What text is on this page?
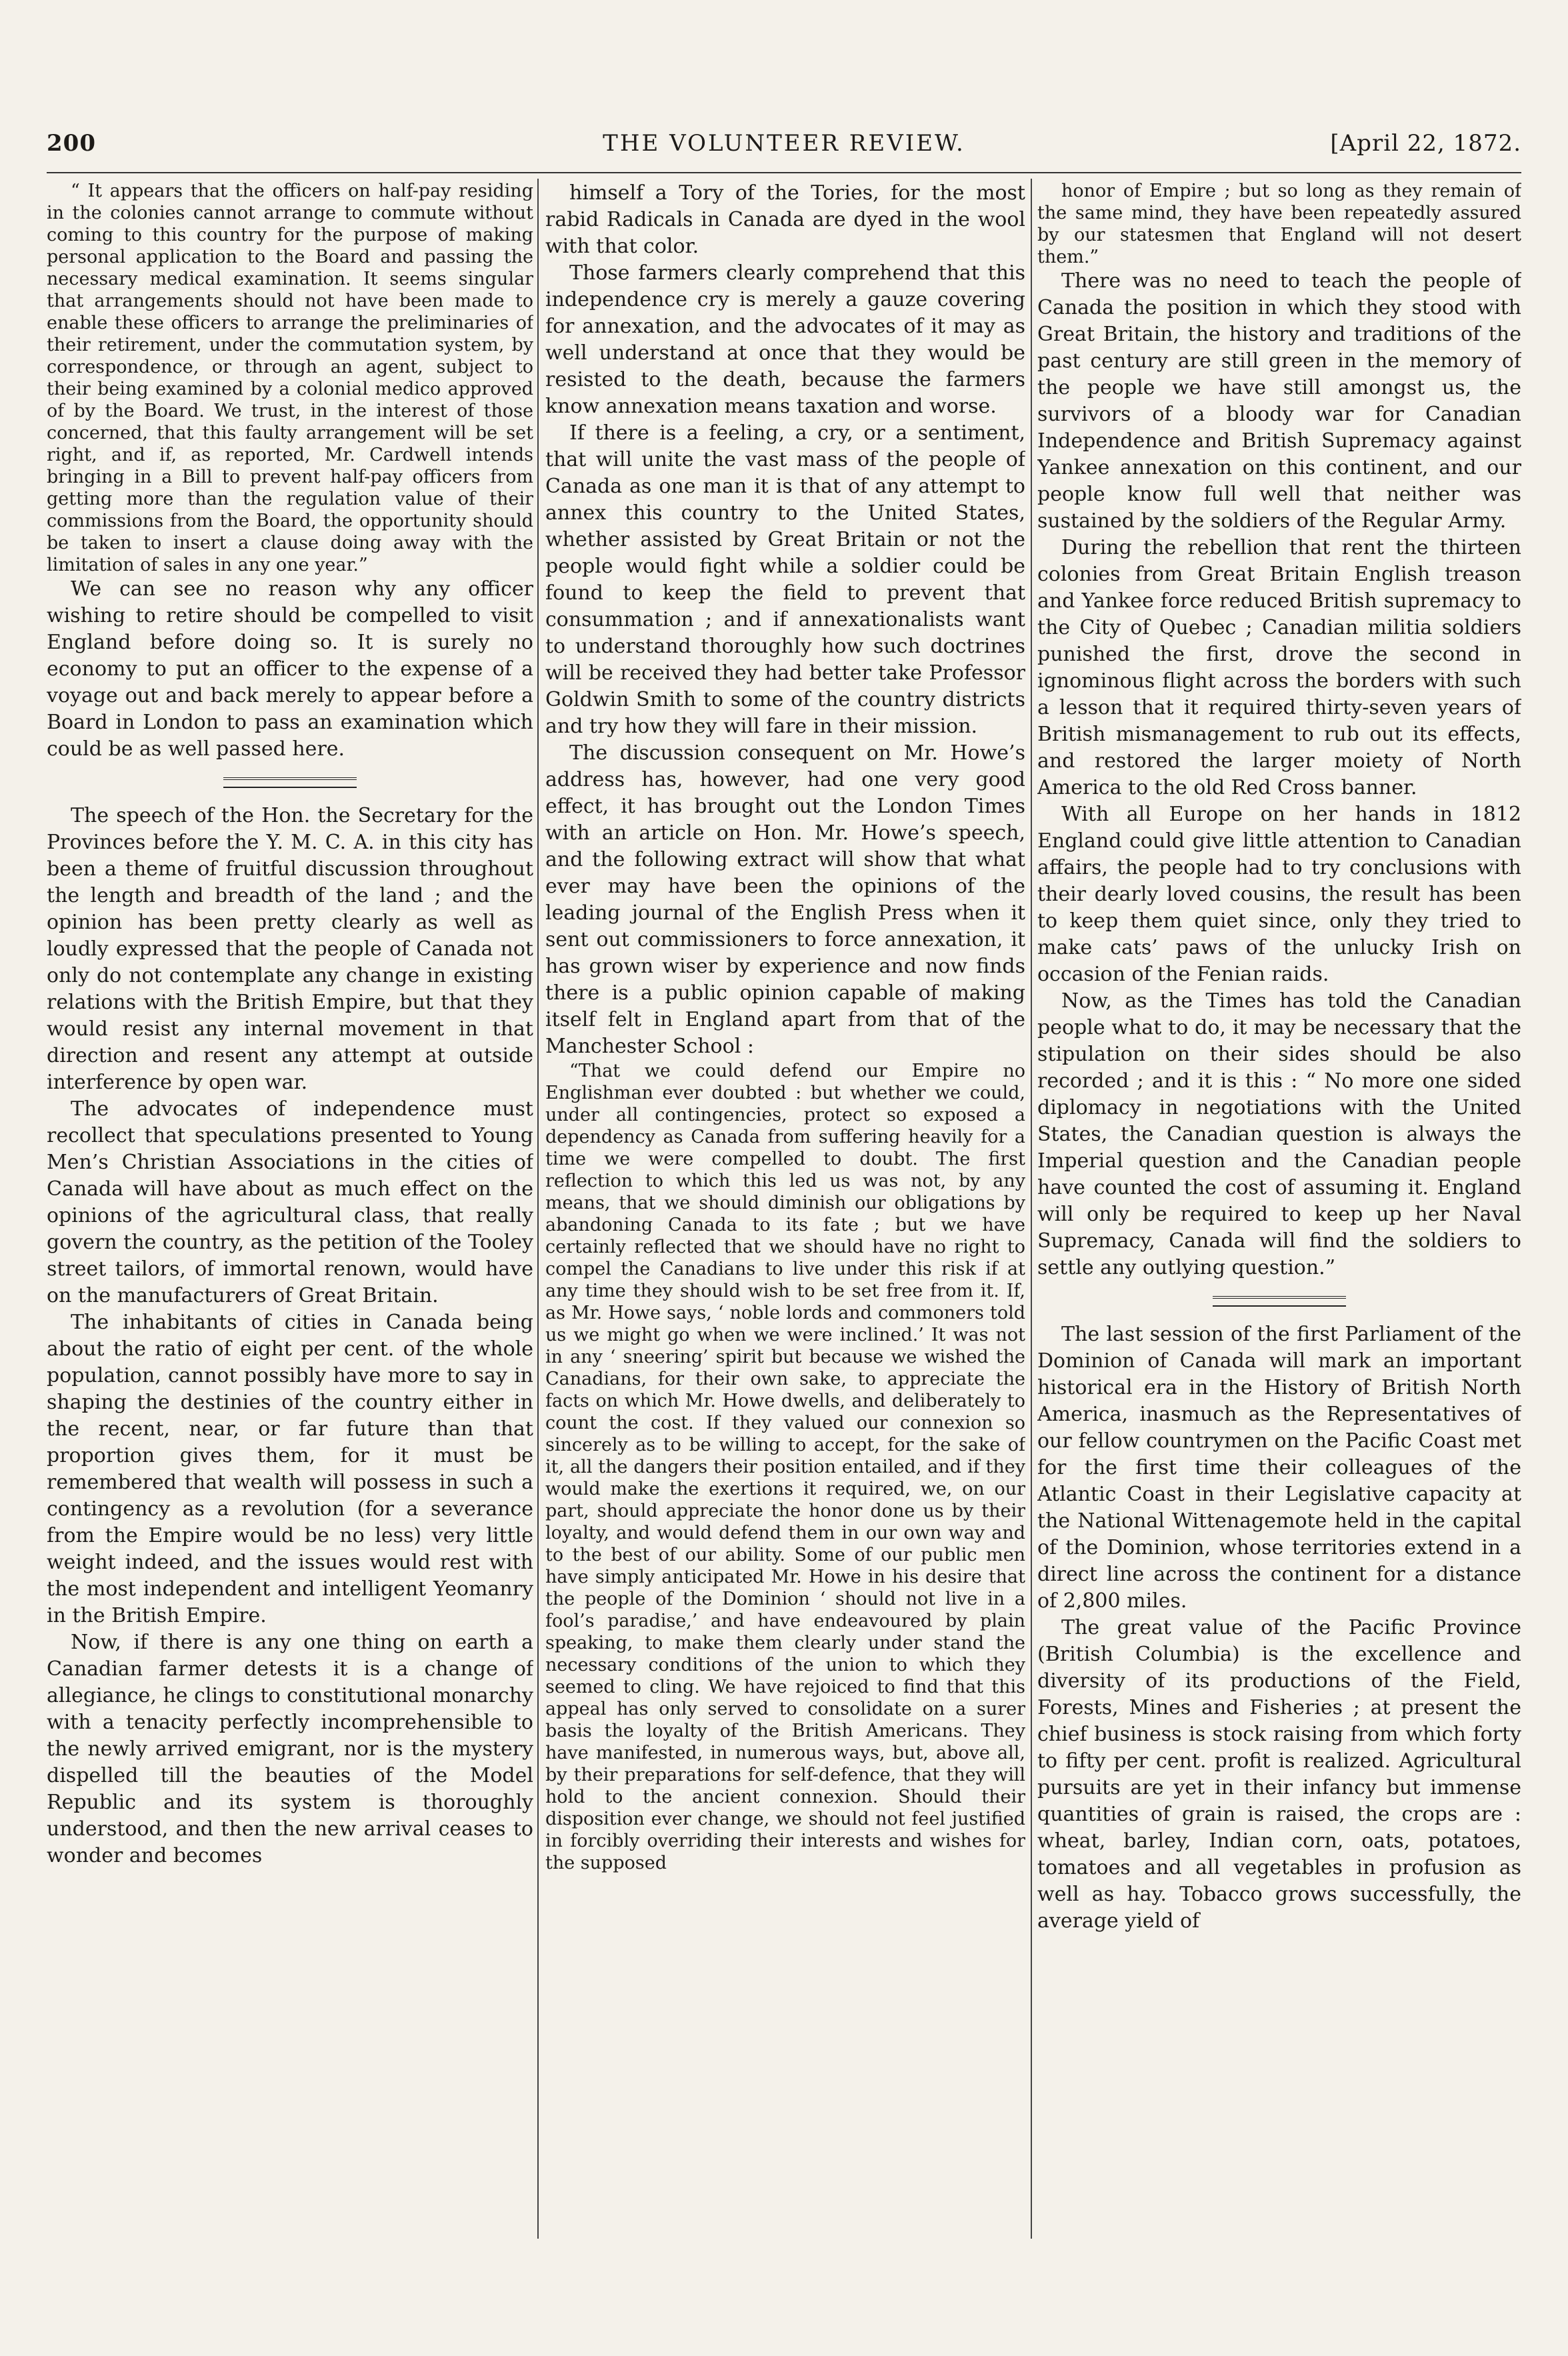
200	THE VOLUNTEER REVIEW.	[April 22, 1872.

“ It appears that the officers on half-pay residing in the colonies cannot arrange to commute without coming to this country for the purpose of making personal application to the Board and passing the necessary medical examination. It seems singular that arrangements should not have been made to enable these officers to arrange the preliminaries of their retirement, under the commutation system, by correspondence, or through an agent, subject to their being examined by a colonial medico approved of by the Board. We trust, in the interest of those concerned, that this faulty arrangement will be set right, and if, as reported, Mr. Cardwell intends bringing in a Bill to prevent half-pay officers from getting more than the regulation value of their commissions from the Board, the opportunity should be taken to insert a clause doing away with the limitation of sales in any one year.”

We can see no reason why any officer wishing to retire should be compelled to visit England before doing so. It is surely no economy to put an officer to the expense of a voyage out and back merely to appear before a Board in London to pass an examination which could be as well passed here.

The speech of the Hon. the Secretary for the Provinces before the Y. M. C. A. in this city has been a theme of fruitful discussion throughout the length and breadth of the land ; and the opinion has been pretty clearly as well as loudly expressed that the people of Canada not only do not contemplate any change in existing relations with the British Empire, but that they would resist any internal movement in that direction and resent any attempt at outside interference by open war.

The advocates of independence must recollect that speculations presented to Young Men’s Christian Associations in the cities of Canada will have about as much effect on the opinions of the agricultural class, that really govern the country, as the petition of the Tooley street tailors, of immortal renown, would have on the manufacturers of Great Britain.

The inhabitants of cities in Canada being about the ratio of eight per cent. of the whole population, cannot possibly have more to say in shaping the destinies of the country either in the recent, near, or far future than that proportion gives them, for it must be remembered that wealth will possess in such a contingency as a revolution (for a severance from the Empire would be no less) very little weight indeed, and the issues would rest with the most independent and intelligent Yeomanry in the British Empire.

Now, if there is any one thing on earth a Canadian farmer detests it is a change of allegiance, he clings to constitutional monarchy with a tenacity perfectly incomprehensible to the newly arrived emigrant, nor is the mystery dispelled till the beauties of the Model Republic and its system is thoroughly understood, and then the new arrival ceases to wonder and becomes

himself a Tory of the Tories, for the most rabid Radicals in Canada are dyed in the wool with that color.

Those farmers clearly comprehend that this independence cry is merely a gauze covering for annexation, and the advocates of it may as well understand at once that they would be resisted to the death, because the farmers know annexation means taxation and worse.

If there is a feeling, a cry, or a sentiment, that will unite the vast mass of the people of Canada as one man it is that of any attempt to annex this country to the United States, whether assisted by Great Britain or not the people would fight while a soldier could be found to keep the field to prevent that consummation ; and if annexationalists want to understand thoroughly how such doctrines will be received they had better take Professor Goldwin Smith to some of the country districts and try how they will fare in their mission.

The discussion consequent on Mr. Howe’s address has, however, had one very good effect, it has brought out the London Times with an article on Hon. Mr. Howe’s speech, and the following extract will show that what ever may have been the opinions of the leading journal of the English Press when it sent out commissioners to force annexation, it has grown wiser by experience and now finds there is a public opinion capable of making itself felt in England apart from that of the Manchester School :

“That we could defend our Empire no Englishman ever doubted : but whether we could, under all contingencies, protect so exposed a dependency as Canada from suffering heavily for a time we were compelled to doubt. The first reflection to which this led us was not, by any means, that we should diminish our obligations by abandoning Canada to its fate ; but we have certainly reflected that we should have no right to compel the Canadians to live under this risk if at any time they should wish to be set free from it. If, as Mr. Howe says, ‘ noble lords and commoners told us we might go when we were inclined.’ It was not in any ‘ sneering’ spirit but because we wished the Canadians, for their own sake, to appreciate the facts on which Mr. Howe dwells, and deliberately to count the cost. If they valued our connexion so sincerely as to be willing to accept, for the sake of it, all the dangers their position entailed, and if they would make the exertions it required, we, on our part, should appreciate the honor done us by their loyalty, and would defend them in our own way and to the best of our ability. Some of our public men have simply anticipated Mr. Howe in his desire that the people of the Dominion ‘ should not live in a fool’s paradise,’ and have endeavoured by plain speaking, to make them clearly under stand the necessary conditions of the union to which they seemed to cling. We have rejoiced to find that this appeal has only served to consolidate on a surer basis the loyalty of the British Americans. They have manifested, in numerous ways, but, above all, by their preparations for self-defence, that they will hold to the ancient connexion. Should their disposition ever change, we should not feel justified in forcibly overriding their interests and wishes for the supposed

honor of Empire ; but so long as they remain of the same mind, they have been repeatedly assured by our statesmen that England will not desert them.”

There was no need to teach the people of Canada the position in which they stood with Great Britain, the history and traditions of the past century are still green in the memory of the people we have still amongst us, the survivors of a bloody war for Canadian Independence and British Supremacy against Yankee annexation on this continent, and our people know full well that neither was sustained by the soldiers of the Regular Army.

During the rebellion that rent the thirteen colonies from Great Britain English treason and Yankee force reduced British supremacy to the City of Quebec ; Canadian militia soldiers punished the first, drove the second in ignominous flight across the borders with such a lesson that it required thirty-seven years of British mismanagement to rub out its effects, and restored the larger moiety of North America to the old Red Cross banner.

With all Europe on her hands in 1812 England could give little attention to Canadian affairs, the people had to try conclusions with their dearly loved cousins, the result has been to keep them quiet since, only they tried to make cats’ paws of the unlucky Irish on occasion of the Fenian raids.

Now, as the Times has told the Canadian people what to do, it may be necessary that the stipulation on their sides should be also recorded ; and it is this : “ No more one sided diplomacy in negotiations with the United States, the Canadian question is always the Imperial question and the Canadian people have counted the cost of assuming it. England will only be required to keep up her Naval Supremacy, Canada will find the soldiers to settle any outlying question.”

The last session of the first Parliament of the Dominion of Canada will mark an important historical era in the History of British North America, inasmuch as the Representatives of our fellow countrymen on the Pacific Coast met for the first time their colleagues of the Atlantic Coast in their Legislative capacity at the National Wittenagemote held in the capital of the Dominion, whose territories extend in a direct line across the continent for a distance of 2,800 miles.

The great value of the Pacific Province (British Columbia) is the excellence and diversity of its productions of the Field, Forests, Mines and Fisheries ; at present the chief business is stock raising from which forty to fifty per cent. profit is realized. Agricultural pursuits are yet in their infancy but immense quantities of grain is raised, the crops are : wheat, barley, Indian corn, oats, potatoes, tomatoes and all vegetables in profusion as well as hay. Tobacco grows successfully, the average yield of
